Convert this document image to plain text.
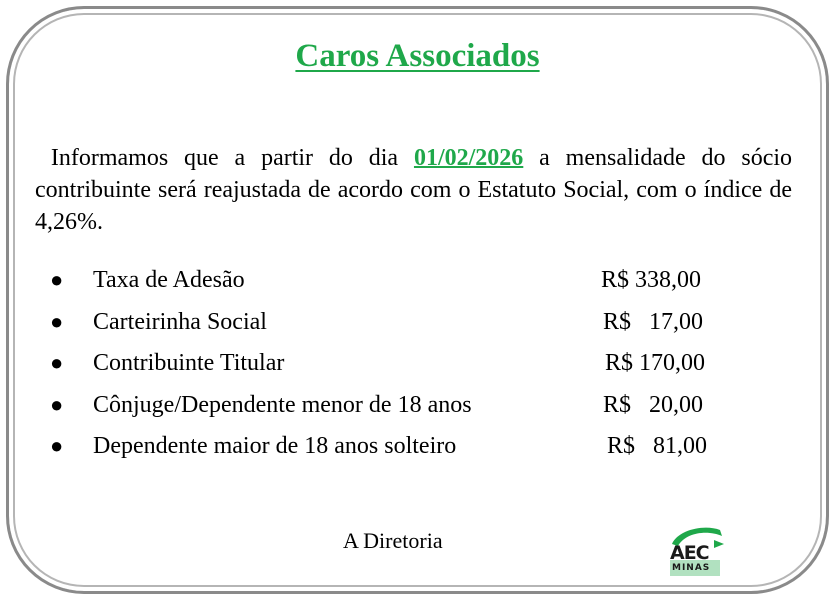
Caros Associados

Informamos que a partir do dia 01/02/2026 a mensalidade do sócio contribuinte será reajustada de acordo com o Estatuto Social, com o índice de 4,26%.

● Taxa de Adesão	R$ 338,00
● Carteirinha Social	R$   17,00
● Contribuinte Titular	R$ 170,00
● Cônjuge/Dependente menor de 18 anos	R$   20,00
● Dependente maior de 18 anos solteiro	R$   81,00
A Diretoria	AEC
MINAS
